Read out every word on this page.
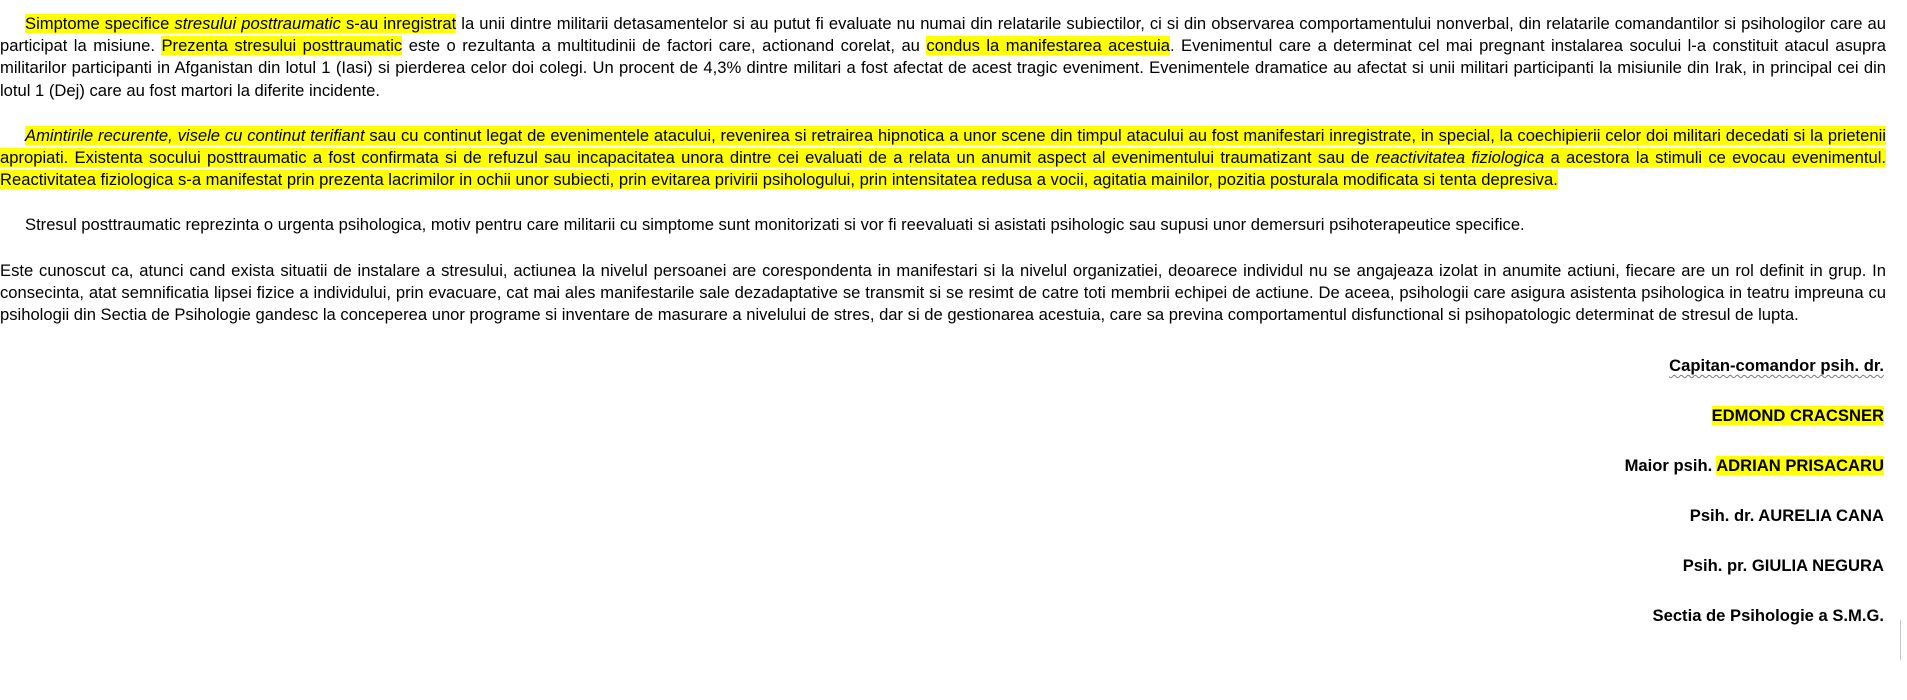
Simptome specifice stresului posttraumatic s-au inregistrat la unii dintre militarii detasamentelor si au putut fi evaluate nu numai din relatarile subiectilor, ci si din observarea comportamentului nonverbal, din relatarile comandantilor si psihologilor care au participat la misiune. Prezenta stresului posttraumatic este o rezultanta a multitudinii de factori care, actionand corelat, au condus la manifestarea acestuia. Evenimentul care a determinat cel mai pregnant instalarea socului l-a constituit atacul asupra militarilor participanti in Afganistan din lotul 1 (Iasi) si pierderea celor doi colegi. Un procent de 4,3% dintre militari a fost afectat de acest tragic eveniment. Evenimentele dramatice au afectat si unii militari participanti la misiunile din Irak, in principal cei din lotul 1 (Dej) care au fost martori la diferite incidente.

Amintirile recurente, visele cu continut terifiant sau cu continut legat de evenimentele atacului, revenirea si retrairea hipnotica a unor scene din timpul atacului au fost manifestari inregistrate, in special, la coechipierii celor doi militari decedati si la prietenii apropiati. Existenta socului posttraumatic a fost confirmata si de refuzul sau incapacitatea unora dintre cei evaluati de a relata un anumit aspect al evenimentului traumatizant sau de reactivitatea fiziologica a acestora la stimuli ce evocau evenimentul. Reactivitatea fiziologica s-a manifestat prin prezenta lacrimilor in ochii unor subiecti, prin evitarea privirii psihologului, prin intensitatea redusa a vocii, agitatia mainilor, pozitia posturala modificata si tenta depresiva.

Stresul posttraumatic reprezinta o urgenta psihologica, motiv pentru care militarii cu simptome sunt monitorizati si vor fi reevaluati si asistati psihologic sau supusi unor demersuri psihoterapeutice specifice.

Este cunoscut ca, atunci cand exista situatii de instalare a stresului, actiunea la nivelul persoanei are corespondenta in manifestari si la nivelul organizatiei, deoarece individul nu se angajeaza izolat in anumite actiuni, fiecare are un rol definit in grup. In consecinta, atat semnificatia lipsei fizice a individului, prin evacuare, cat mai ales manifestarile sale dezadaptative se transmit si se resimt de catre toti membrii echipei de actiune. De aceea, psihologii care asigura asistenta psihologica in teatru impreuna cu psihologii din Sectia de Psihologie gandesc la conceperea unor programe si inventare de masurare a nivelului de stres, dar si de gestionarea acestuia, care sa previna comportamentul disfunctional si psihopatologic determinat de stresul de lupta.

Capitan-comandor psih. dr.

EDMOND CRACSNER

Maior psih. ADRIAN PRISACARU

Psih. dr. AURELIA CANA

Psih. pr. GIULIA NEGURA

Sectia de Psihologie a S.M.G.
